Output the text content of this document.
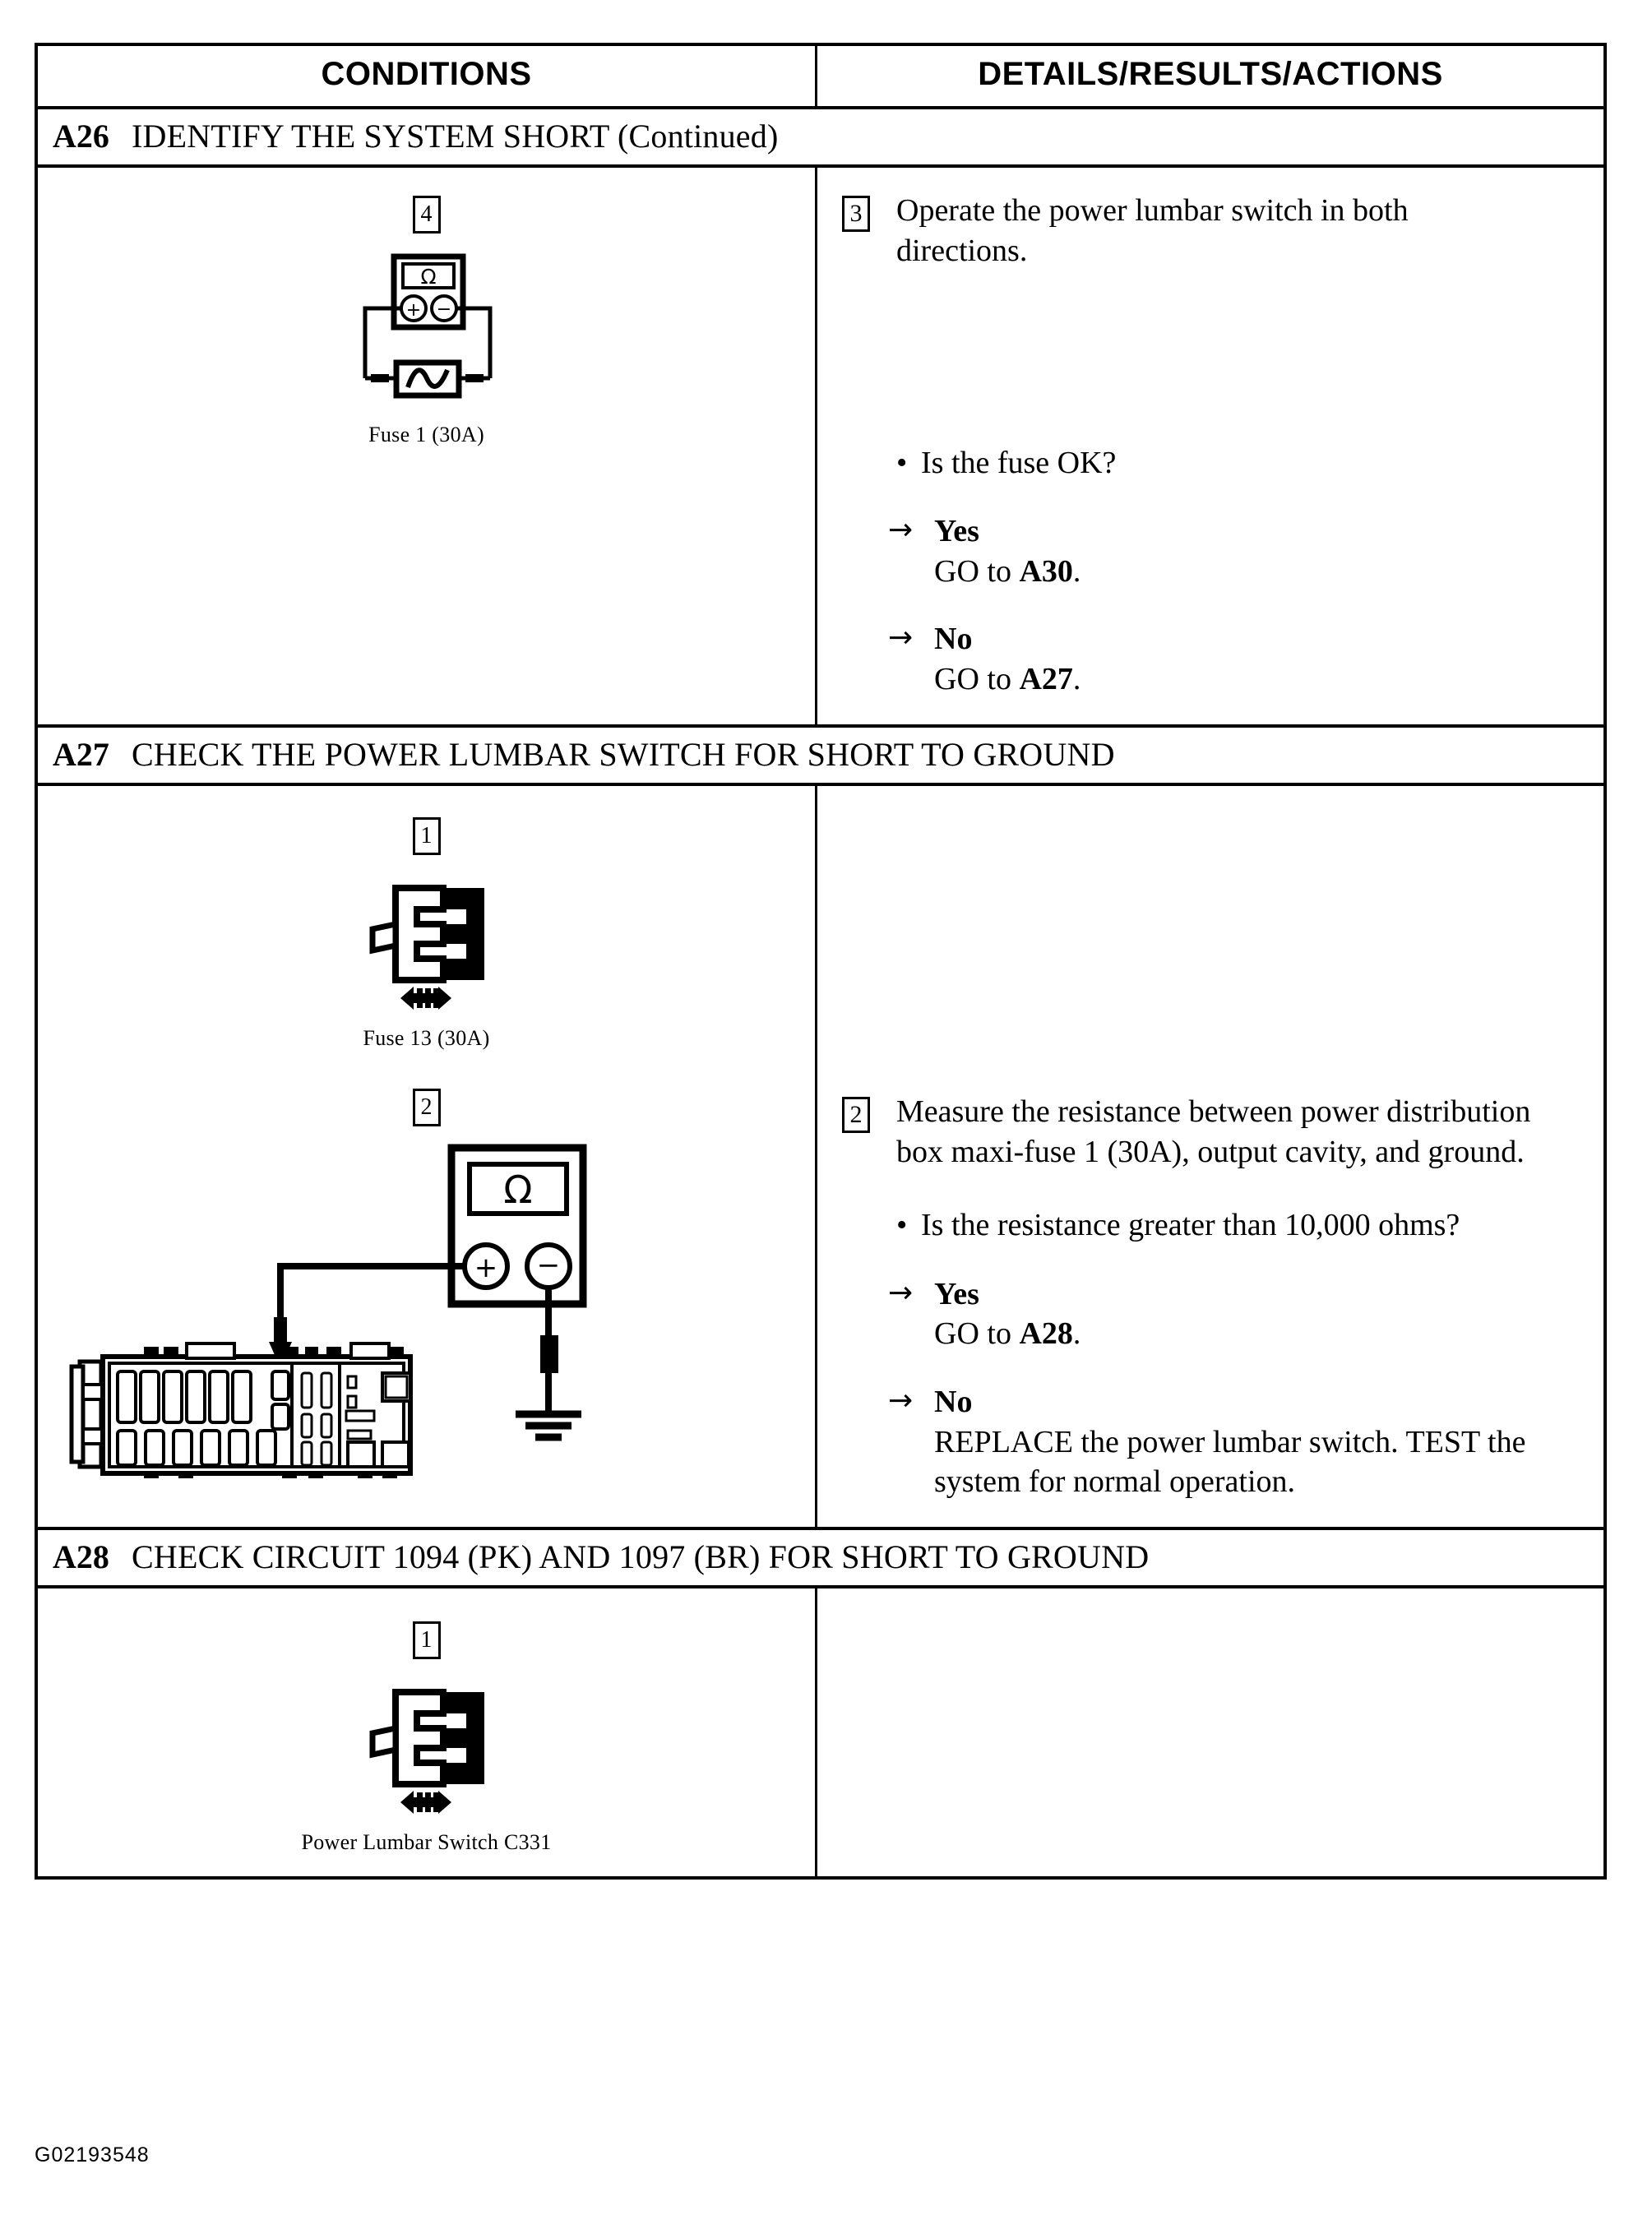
CONDITIONS	DETAILS/RESULTS/ACTIONS
A26 IDENTIFY THE SYSTEM SHORT (Continued)
4
Ω
+ −
Fuse 1 (30A)
3 Operate the power lumbar switch in both directions.
• Is the fuse OK?
→ Yes
GO to A30.
→ No
GO to A27.
A27 CHECK THE POWER LUMBAR SWITCH FOR SHORT TO GROUND
1
Fuse 13 (30A)
2
Ω
+ −
2 Measure the resistance between power distribution box maxi-fuse 1 (30A), output cavity, and ground.
• Is the resistance greater than 10,000 ohms?
→ Yes
GO to A28.
→ No
REPLACE the power lumbar switch. TEST the system for normal operation.
A28 CHECK CIRCUIT 1094 (PK) AND 1097 (BR) FOR SHORT TO GROUND
1
Power Lumbar Switch C331
G02193548
